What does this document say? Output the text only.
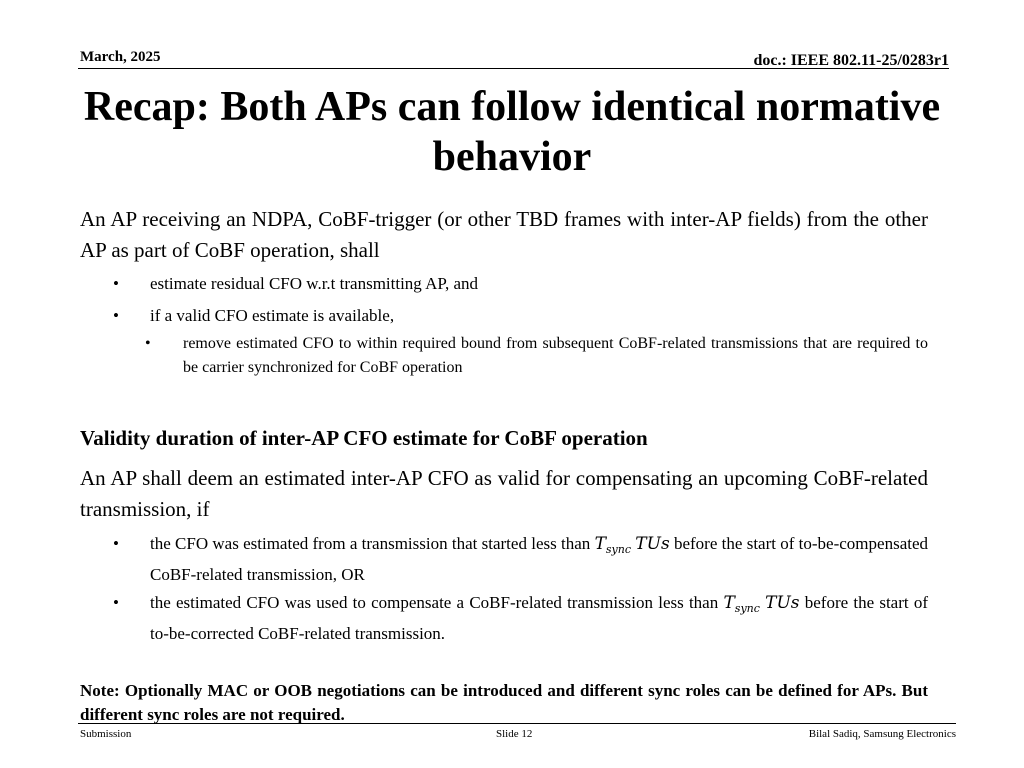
March, 2025	doc.: IEEE 802.11-25/0283r1
Recap: Both APs can follow identical normative behavior
An AP receiving an NDPA, CoBF-trigger (or other TBD frames with inter-AP fields) from the other AP as part of CoBF operation, shall
• estimate residual CFO w.r.t transmitting AP, and
• if a valid CFO estimate is available,
• remove estimated CFO to within required bound from subsequent CoBF-related transmissions that are required to be carrier synchronized for CoBF operation
Validity duration of inter-AP CFO estimate for CoBF operation
An AP shall deem an estimated inter-AP CFO as valid for compensating an upcoming CoBF-related transmission, if
• the CFO was estimated from a transmission that started less than $T_{sync}$ TUs before the start of to-be-compensated CoBF-related transmission, OR
• the estimated CFO was used to compensate a CoBF-related transmission less than $T_{sync}$ TUs before the start of to-be-corrected CoBF-related transmission.
Note: Optionally MAC or OOB negotiations can be introduced and different sync roles can be defined for APs. But different sync roles are not required.
Submission	Slide 12	Bilal Sadiq, Samsung Electronics
